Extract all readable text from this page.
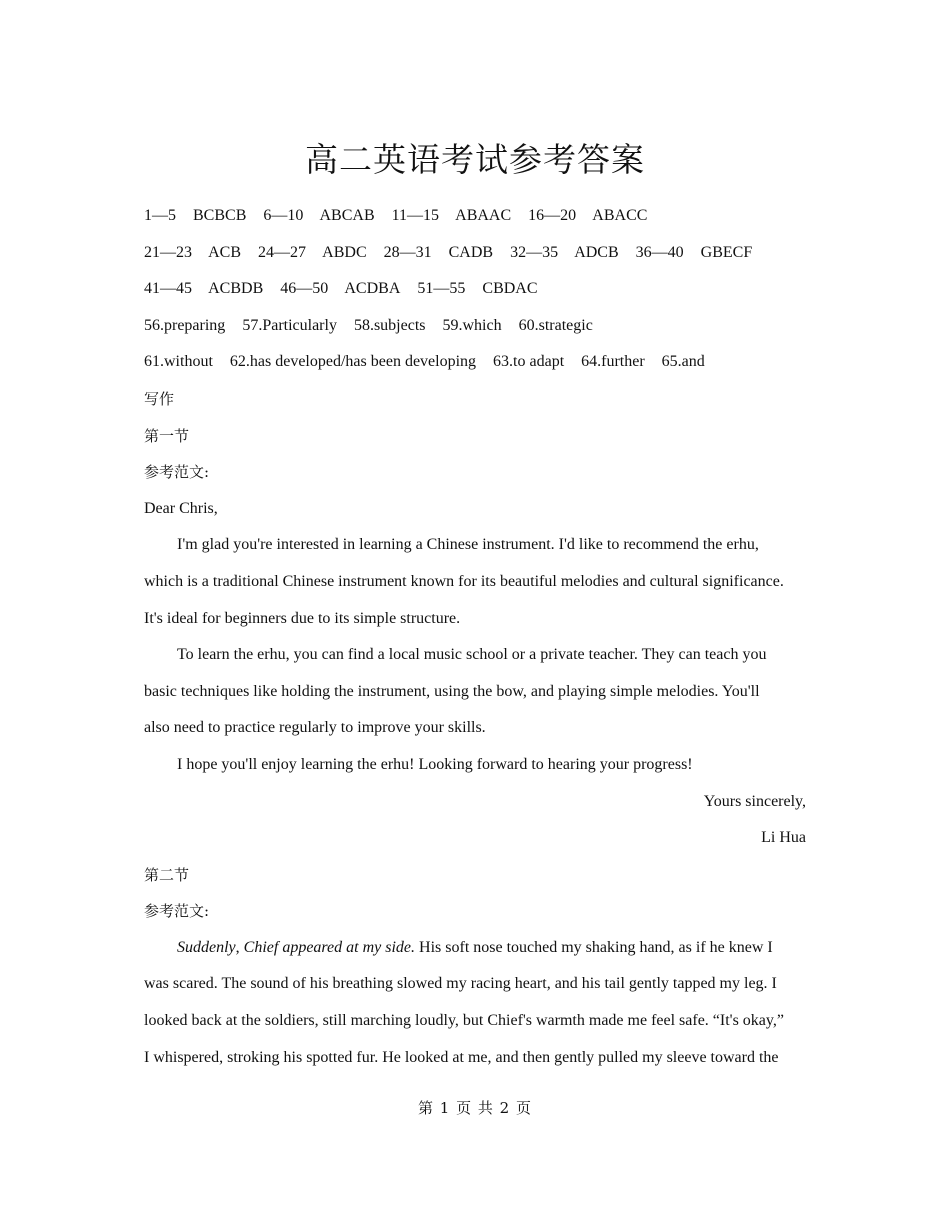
高二英语考试参考答案
1—5 BCBCB 6—10 ABCAB 11—15 ABAAC 16—20 ABACC
21—23 ACB 24—27 ABDC 28—31 CADB 32—35 ADCB 36—40 GBECF
41—45 ACBDB 46—50 ACDBA 51—55 CBDAC
56.preparing 57.Particularly 58.subjects 59.which 60.strategic
61.without 62.has developed/has been developing 63.to adapt 64.further 65.and
写作
第一节
参考范文:
Dear Chris,
I'm glad you're interested in learning a Chinese instrument. I'd like to recommend the erhu,
which is a traditional Chinese instrument known for its beautiful melodies and cultural significance.
It's ideal for beginners due to its simple structure.
To learn the erhu, you can find a local music school or a private teacher. They can teach you
basic techniques like holding the instrument, using the bow, and playing simple melodies. You'll
also need to practice regularly to improve your skills.
I hope you'll enjoy learning the erhu! Looking forward to hearing your progress!
Yours sincerely,
Li Hua
第二节
参考范文:
Suddenly, Chief appeared at my side. His soft nose touched my shaking hand, as if he knew I
was scared. The sound of his breathing slowed my racing heart, and his tail gently tapped my leg. I
looked back at the soldiers, still marching loudly, but Chief's warmth made me feel safe. “It's okay,”
I whispered, stroking his spotted fur. He looked at me, and then gently pulled my sleeve toward the
第 1 页 共 2 页
